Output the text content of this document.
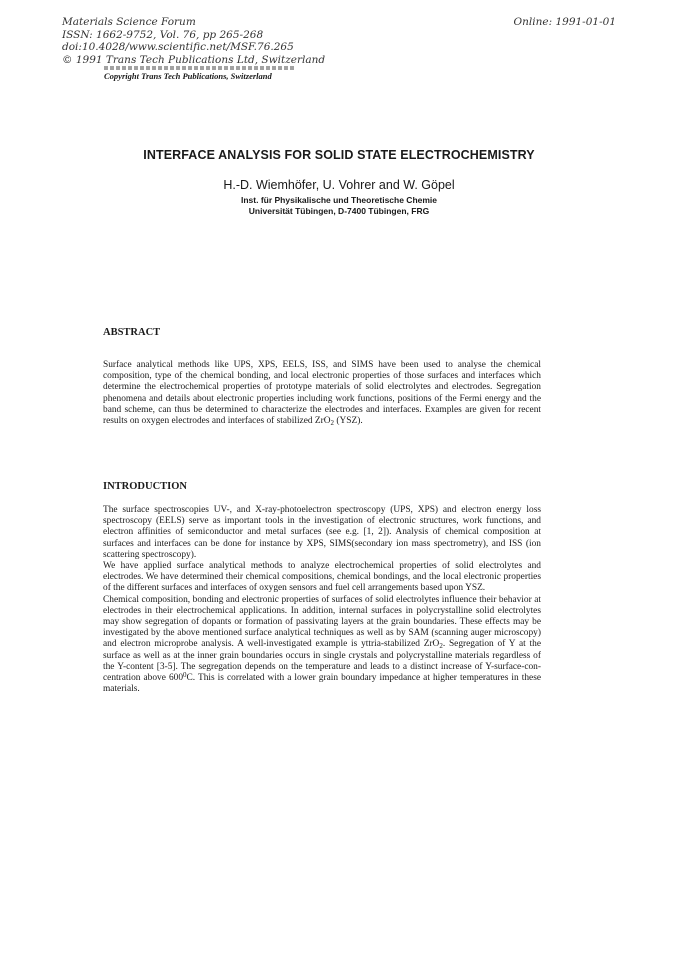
Materials Science Forum
ISSN: 1662-9752, Vol. 76, pp 265-268
doi:10.4028/www.scientific.net/MSF.76.265
© 1991 Trans Tech Publications Ltd, Switzerland
Online: 1991-01-01
Copyright Trans Tech Publications, Switzerland
INTERFACE ANALYSIS FOR SOLID STATE ELECTROCHEMISTRY
H.-D. Wiemhöfer, U. Vohrer and W. Göpel
Inst. für Physikalische und Theoretische Chemie
Universität Tübingen, D-7400 Tübingen, FRG
ABSTRACT

Surface analytical methods like UPS, XPS, EELS, ISS, and SIMS have been used to analyse the chemical composition, type of the chemical bonding, and local electronic properties of those surfaces and interfaces which determine the electrochemical properties of prototype materials of solid electrolytes and electrodes. Segregation phenomena and details about electronic properties including work functions, positions of the Fermi energy and the band scheme, can thus be determined to characterize the electrodes and interfaces. Examples are given for recent results on oxygen electrodes and interfaces of stabilized ZrO$_2$ (YSZ).

INTRODUCTION

The surface spectroscopies UV-, and X-ray-photoelectron spectroscopy (UPS, XPS) and electron energy loss spectroscopy (EELS) serve as important tools in the investigation of electronic structures, work functions, and electron affinities of semiconductor and metal surfaces (see e.g. [1, 2]). Analysis of chemical composition at surfaces and interfaces can be done for instance by XPS, SIMS(secondary ion mass spectrometry), and ISS (ion scattering spectroscopy).

We have applied surface analytical methods to analyze electrochemical properties of solid electrolytes and electrodes. We have determined their chemical compositions, chemical bondings, and the local electronic properties of the different surfaces and interfaces of oxygen sensors and fuel cell arrangements based upon YSZ.

Chemical composition, bonding and electronic properties of surfaces of solid electrolytes influence their behavior at electrodes in their electrochemical applications. In addition, internal surfaces in polycrystalline solid electrolytes may show segregation of dopants or formation of passivating layers at the grain boundaries. These effects may be investigated by the above mentioned surface analytical techniques as well as by SAM (scanning auger microscopy) and electron microprobe analysis. A well-investigated example is yttria-stabilized ZrO$_2$. Segregation of Y at the surface as well as at the inner grain boundaries occurs in single crystals and polycrystalline materials regardless of the Y-content [3-5]. The segregation depends on the temperature and leads to a distinct increase of Y-surface-con-centration above $600^0C$. This is correlated with a lower grain boundary impedance at higher temperatures in these materials.
